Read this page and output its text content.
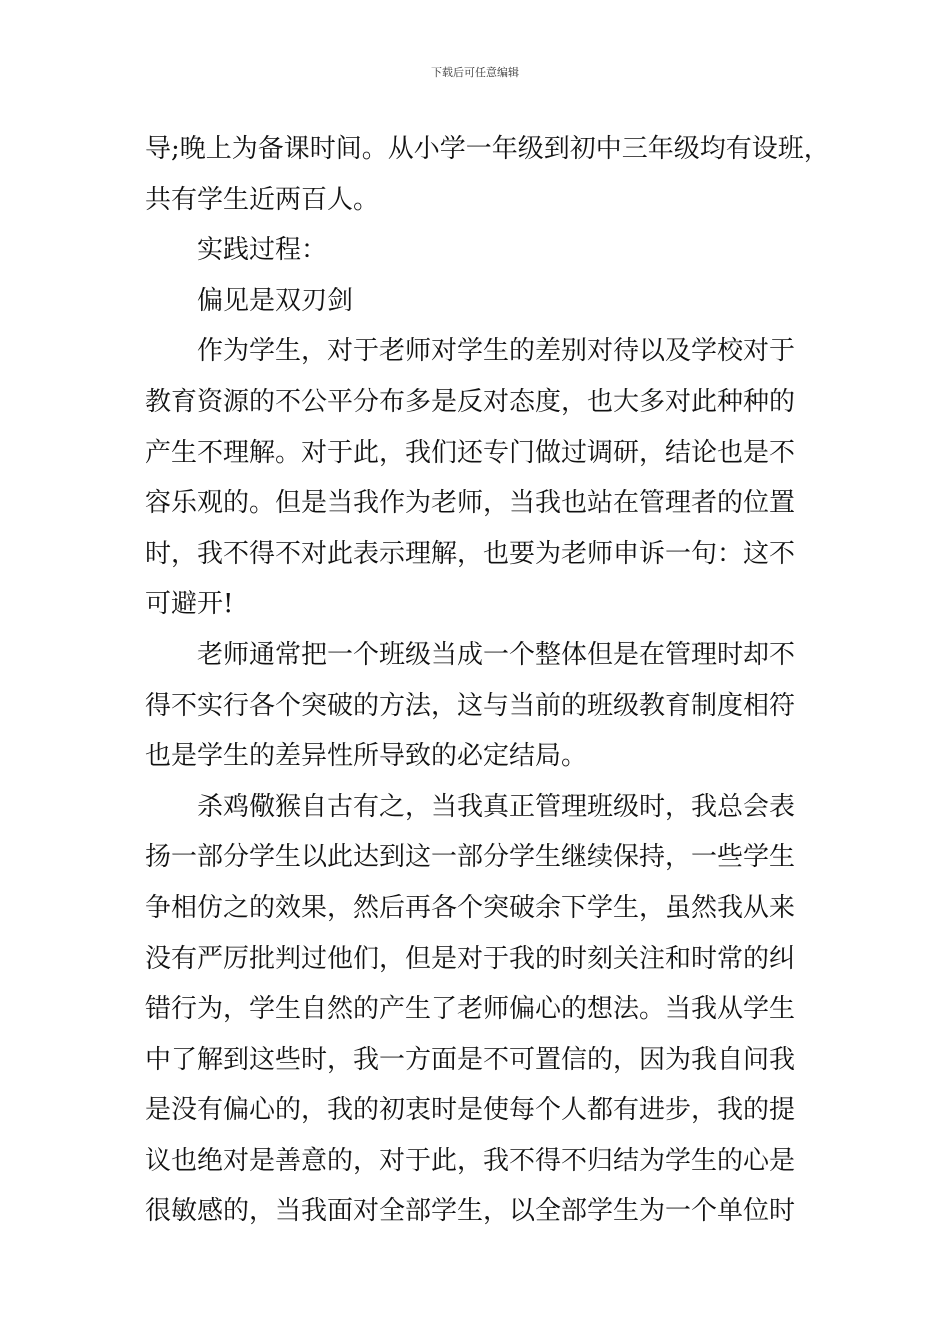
下载后可任意编辑
导;晚上为备课时间。从小学一年级到初中三年级均有设班，
共有学生近两百人。
实践过程：
偏见是双刃剑
作为学生，对于老师对学生的差别对待以及学校对于
教育资源的不公平分布多是反对态度，也大多对此种种的
产生不理解。对于此，我们还专门做过调研，结论也是不
容乐观的。但是当我作为老师，当我也站在管理者的位置
时，我不得不对此表示理解，也要为老师申诉一句：这不
可避开!
老师通常把一个班级当成一个整体但是在管理时却不
得不实行各个突破的方法，这与当前的班级教育制度相符
也是学生的差异性所导致的必定结局。
杀鸡儆猴自古有之，当我真正管理班级时，我总会表
扬一部分学生以此达到这一部分学生继续保持，一些学生
争相仿之的效果，然后再各个突破余下学生，虽然我从来
没有严厉批判过他们，但是对于我的时刻关注和时常的纠
错行为，学生自然的产生了老师偏心的想法。当我从学生
中了解到这些时，我一方面是不可置信的，因为我自问我
是没有偏心的，我的初衷时是使每个人都有进步，我的提
议也绝对是善意的，对于此，我不得不归结为学生的心是
很敏感的，当我面对全部学生，以全部学生为一个单位时
